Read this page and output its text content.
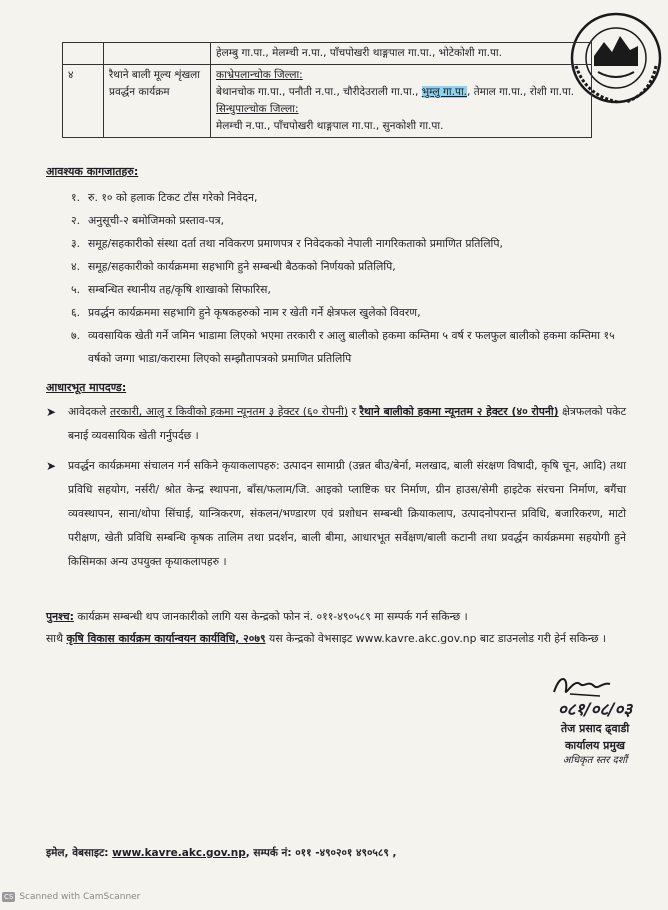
		हेलम्बु गा.पा., मेलम्ची न.पा., पाँचपोखरी थाङ्गपाल गा.पा., भोटेकोशी गा.पा.
४	रैथाने बाली मूल्य शृंखला प्रवर्द्धन कार्यक्रम	काभ्रेपलान्चोक जिल्ला:
बेथानचोक गा.पा., पनौती न.पा., चौरीदेउराली गा.पा., भुम्लु गा.पा., तेमाल गा.पा., रोशी गा.पा.
सिन्धुपाल्चोक जिल्ला:
मेलम्ची न.पा., पाँचपोखरी थाङ्गपाल गा.पा., सुनकोशी गा.पा.
आवश्यक कागजातहरु:
१. रु. १० को हलाक टिकट टाँस गरेको निवेदन,
२. अनुसूची-२ बमोजिमको प्रस्ताव-पत्र,
३. समूह/सहकारीको संस्था दर्ता तथा नविकरण प्रमाणपत्र र निवेदकको नेपाली नागरिकताको प्रमाणित प्रतिलिपि,
४. समूह/सहकारीको कार्यक्रममा सहभागि हुने सम्बन्धी बैठकको निर्णयको प्रतिलिपि,
५. सम्बन्धित स्थानीय तह/कृषि शाखाको सिफारिस,
६. प्रवर्द्धन कार्यक्रममा सहभागि हुने कृषकहरुको नाम र खेती गर्ने क्षेत्रफल खुलेको विवरण,
७. व्यवसायिक खेती गर्ने जमिन भाडामा लिएको भएमा तरकारी र आलु बालीको हकमा कम्तिमा ५ वर्ष र फलफुल बालीको हकमा कम्तिमा १५ वर्षको जग्गा भाडा/करारमा लिएको सम्झौतापत्रको प्रमाणित प्रतिलिपि
आधारभूत मापदण्ड:
➤	आवेदकले तरकारी, आलु र किवीको हकमा न्यूनतम ३ हेक्टर (६० रोपनी) र रैथाने बालीको हकमा न्यूनतम २ हेक्टर (४० रोपनी) क्षेत्रफलको पकेट बनाई व्यवसायिक खेती गर्नुपर्दछ ।
➤	प्रवर्द्धन कार्यक्रममा संचालन गर्न सकिने कृयाकलापहरु: उत्पादन सामाग्री (उन्नत बीउ/बेर्ना, मलखाद, बाली संरक्षण विषादी, कृषि चून, आदि) तथा प्रविधि सहयोग, नर्सरी/ श्रोत केन्द्र स्थापना, बाँस/फलाम/जि. आइको प्लाष्टिक घर निर्माण, ग्रीन हाउस/सेमी हाइटेक संरचना निर्माण, बगैंचा व्यवस्थापन, साना/थोपा सिंचाई, यान्त्रिकरण, संकलन/भण्डारण एवं प्रशोधन सम्बन्धी क्रियाकलाप, उत्पादनोपरान्त प्रविधि, बजारिकरण, माटो परीक्षण, खेती प्रविधि सम्बन्धि कृषक तालिम तथा प्रदर्शन, बाली बीमा, आधारभूत सर्वेक्षण/बाली कटानी तथा प्रवर्द्धन कार्यक्रममा सहयोगी हुने किसिमका अन्य उपयुक्त कृयाकलापहरु ।
पुनश्च: कार्यक्रम सम्बन्धी थप जानकारीको लागि यस केन्द्रको फोन नं. ०११-४९०५८९ मा सम्पर्क गर्न सकिन्छ ।
साथै कृषि विकास कार्यक्रम कार्यान्वयन कार्यविधि, २०७९ यस केन्द्रको वेभसाइट www.kavre.akc.gov.np बाट डाउनलोड गरी हेर्न सकिन्छ ।
०८१/०८/०३
तेज प्रसाद ढ्वाडी
कार्यालय प्रमुख
अधिकृत स्तर दशौं
इमेल, वेबसाइट: www.kavre.akc.gov.np, सम्पर्क नं: ०११ -४९०२०१ ४९०५८९ ,
CS Scanned with CamScanner
